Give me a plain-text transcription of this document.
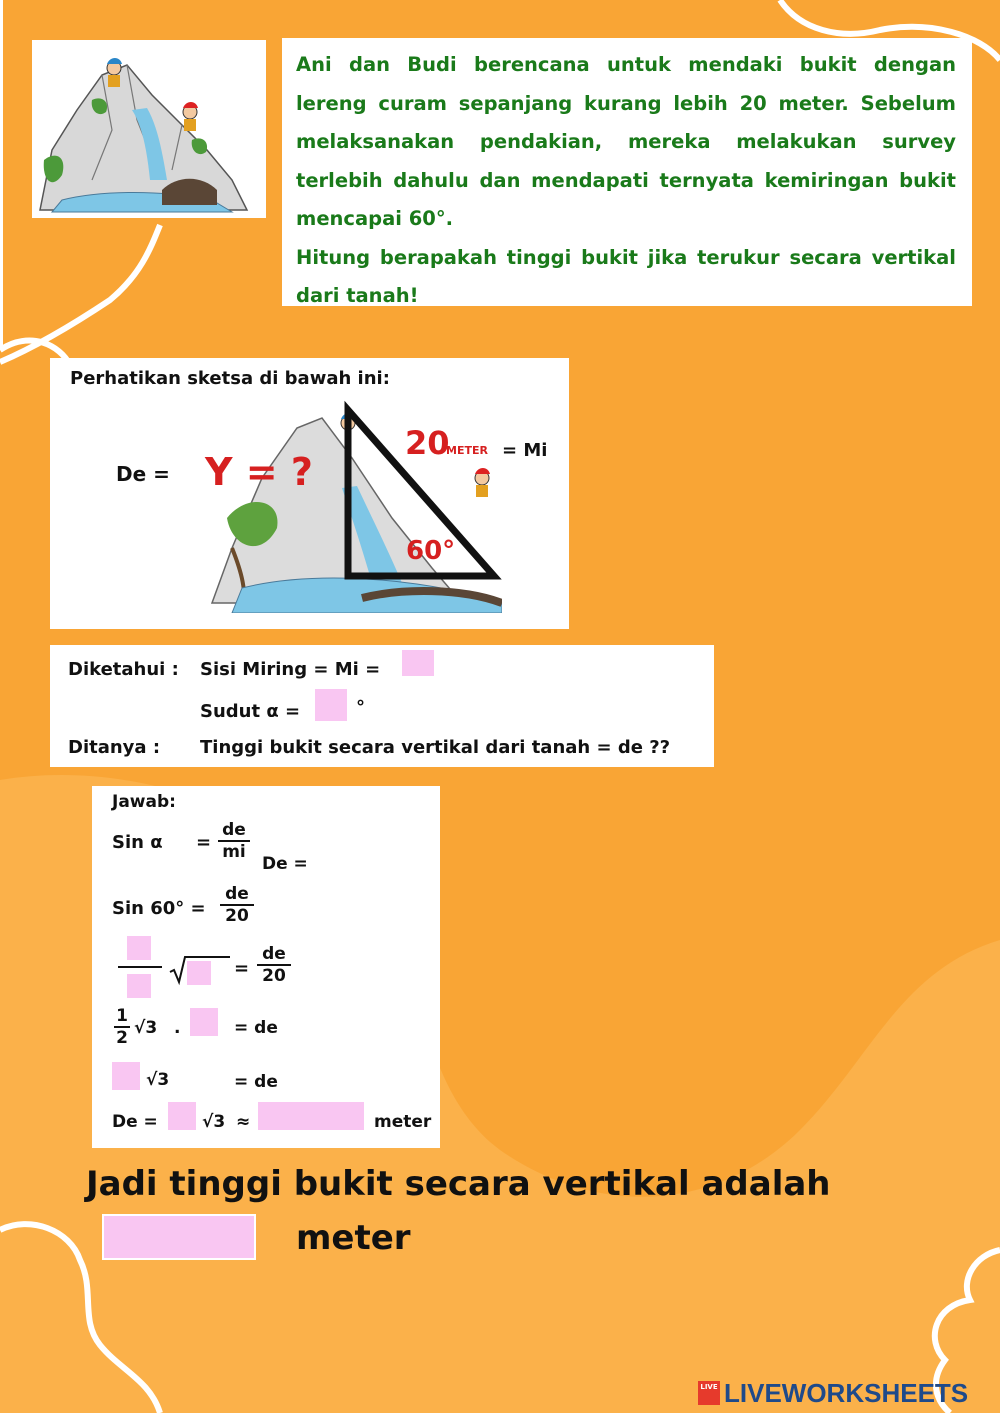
Ani dan Budi berencana untuk mendaki bukit dengan lereng curam sepanjang kurang lebih 20 meter. Sebelum melaksanakan pendakian, mereka melakukan survey terlebih dahulu dan mendapati ternyata kemiringan bukit mencapai 60°.

Hitung berapakah tinggi bukit jika terukur secara vertikal dari tanah!

Perhatikan sketsa di bawah ini:
De = Y = ?
20
METER = Mi
60°
Diketahui : Sisi Miring = Mi =
Sudut α =	°
Ditanya : Tinggi bukit secara vertikal dari tanah = de ??
Jawab:
Sin $\alpha = \frac{de}{mi}$
De =
Sin $60^\circ = \frac{de}{20}$
= $\frac{de}{20}$
$\frac{1}{2} √3$ .	= de
√3	= de
De =	√3 ≈	meter
Jadi tinggi bukit secara vertikal adalah
meter
LIVE LIVEWORKSHEETS
